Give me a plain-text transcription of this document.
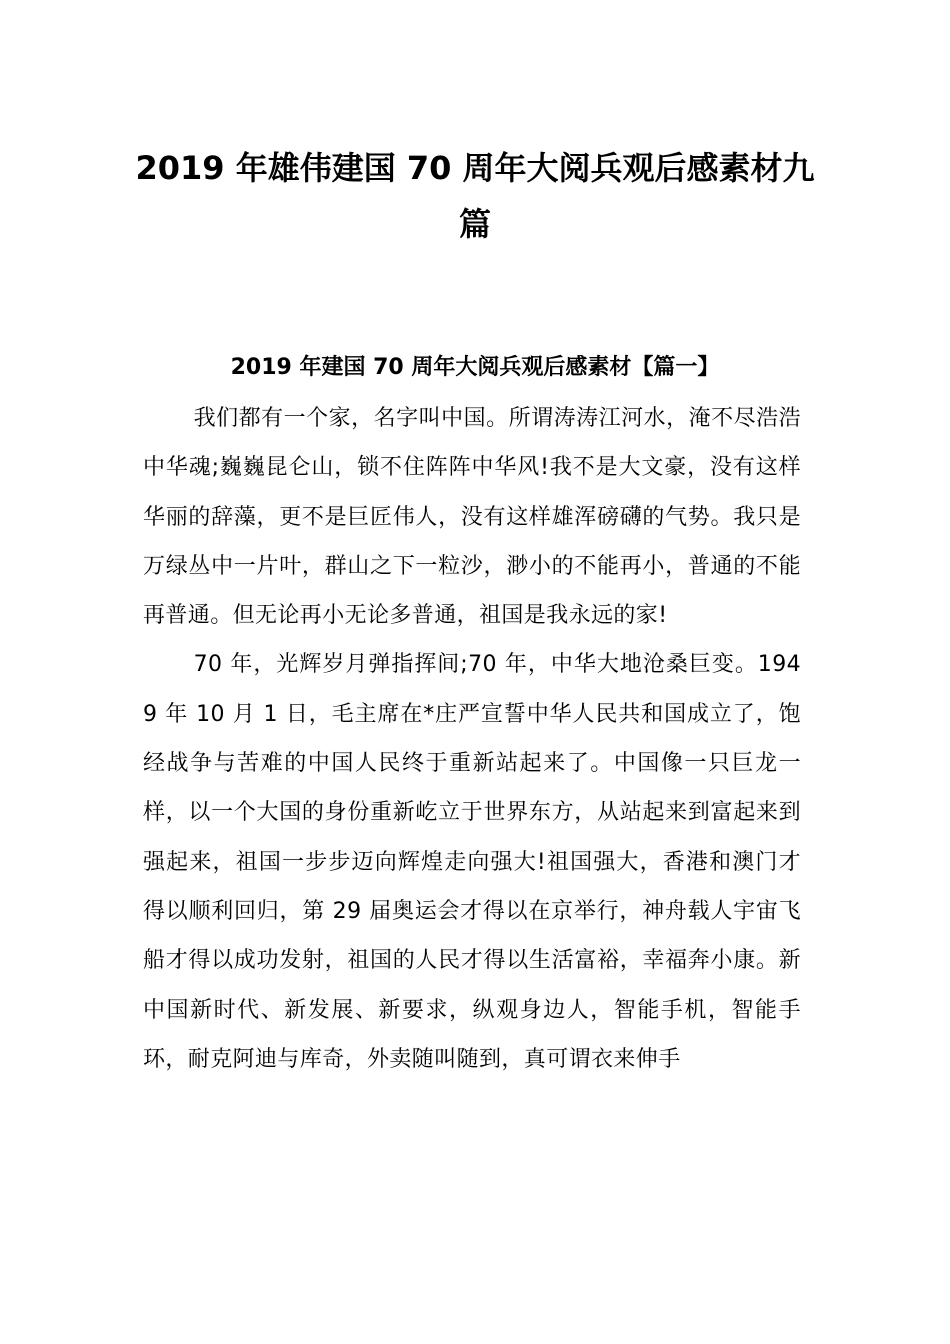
2019 年雄伟建国 70 周年大阅兵观后感素材九篇
2019 年建国 70 周年大阅兵观后感素材【篇一】

我们都有一个家，名字叫中国。所谓涛涛江河水，淹不尽浩浩中华魂;巍巍昆仑山，锁不住阵阵中华风!我不是大文豪，没有这样华丽的辞藻，更不是巨匠伟人，没有这样雄浑磅礴的气势。我只是万绿丛中一片叶，群山之下一粒沙，渺小的不能再小，普通的不能再普通。但无论再小无论多普通，祖国是我永远的家!

70 年，光辉岁月弹指挥间;70 年，中华大地沧桑巨变。1949 年 10 月 1 日，毛主席在*庄严宣誓中华人民共和国成立了，饱经战争与苦难的中国人民终于重新站起来了。中国像一只巨龙一样，以一个大国的身份重新屹立于世界东方，从站起来到富起来到强起来，祖国一步步迈向辉煌走向强大!祖国强大，香港和澳门才得以顺利回归，第 29 届奥运会才得以在京举行，神舟载人宇宙飞船才得以成功发射，祖国的人民才得以生活富裕，幸福奔小康。新中国新时代、新发展、新要求，纵观身边人，智能手机，智能手环，耐克阿迪与库奇，外卖随叫随到，真可谓衣来伸手
